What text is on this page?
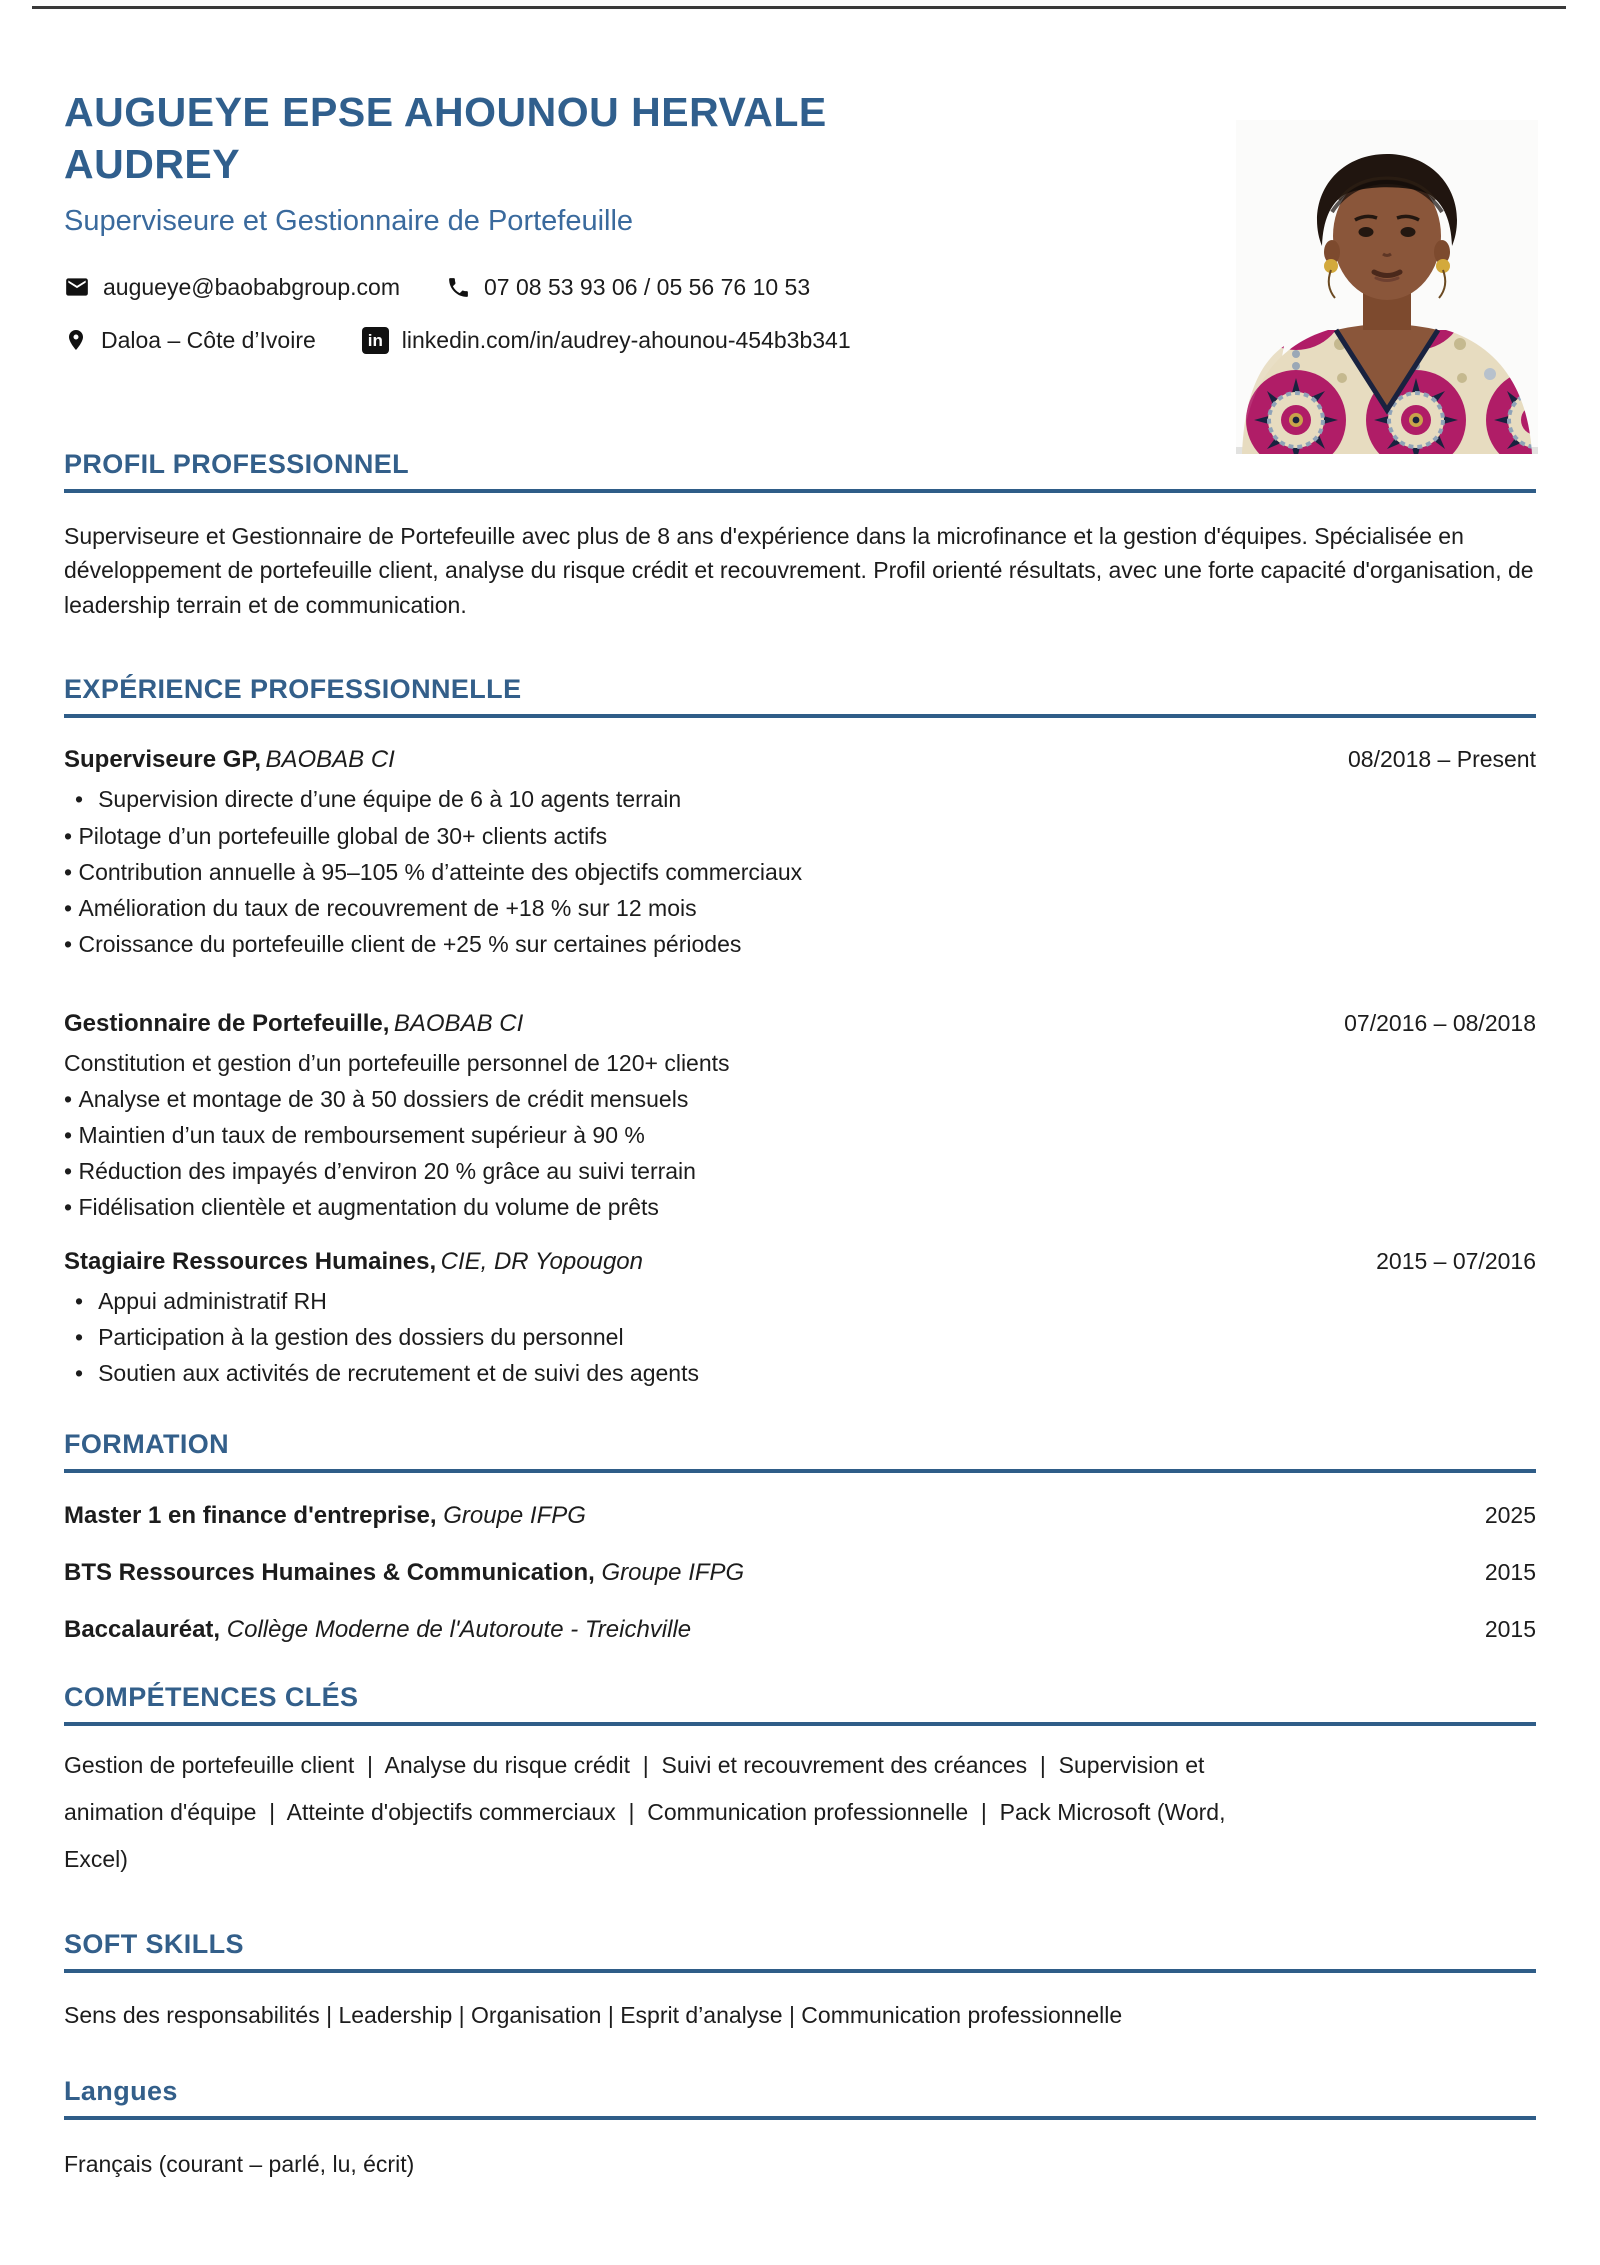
AUGUEYE EPSE AHOUNOU HERVALE AUDREY

Superviseure et Gestionnaire de Portefeuille

augueye@baobabgroup.com	07 08 53 93 06 / 05 56 76 10 53
Daloa – Côte d’Ivoire	in linkedin.com/in/audrey-ahounou-454b3b341
PROFIL PROFESSIONNEL

Superviseure et Gestionnaire de Portefeuille avec plus de 8 ans d'expérience dans la microfinance et la gestion d'équipes. Spécialisée en développement de portefeuille client, analyse du risque crédit et recouvrement. Profil orienté résultats, avec une forte capacité d'organisation, de leadership terrain et de communication.

EXPÉRIENCE PROFESSIONNELLE
Superviseure GP, BAOBAB CI	08/2018 – Present

• Supervision directe d’une équipe de 6 à 10 agents terrain

• Pilotage d’un portefeuille global de 30+ clients actifs

• Contribution annuelle à 95–105 % d’atteinte des objectifs commerciaux

• Amélioration du taux de recouvrement de +18 % sur 12 mois

• Croissance du portefeuille client de +25 % sur certaines périodes

Gestionnaire de Portefeuille, BAOBAB CI	07/2016 – 08/2018

Constitution et gestion d’un portefeuille personnel de 120+ clients

• Analyse et montage de 30 à 50 dossiers de crédit mensuels

• Maintien d’un taux de remboursement supérieur à 90 %

• Réduction des impayés d’environ 20 % grâce au suivi terrain

• Fidélisation clientèle et augmentation du volume de prêts

Stagiaire Ressources Humaines, CIE, DR Yopougon	2015 – 07/2016

• Appui administratif RH

• Participation à la gestion des dossiers du personnel

• Soutien aux activités de recrutement et de suivi des agents

FORMATION
Master 1 en finance d'entreprise, Groupe IFPG	2025
BTS Ressources Humaines & Communication, Groupe IFPG	2015
Baccalauréat, Collège Moderne de l'Autoroute - Treichville	2015
COMPÉTENCES CLÉS

Gestion de portefeuille client  |  Analyse du risque crédit  |  Suivi et recouvrement des créances  |  Supervision et animation d'équipe  |  Atteinte d'objectifs commerciaux  |  Communication professionnelle  |  Pack Microsoft (Word, Excel)

SOFT SKILLS

Sens des responsabilités | Leadership | Organisation | Esprit d’analyse | Communication professionnelle

Langues

Français (courant – parlé, lu, écrit)
